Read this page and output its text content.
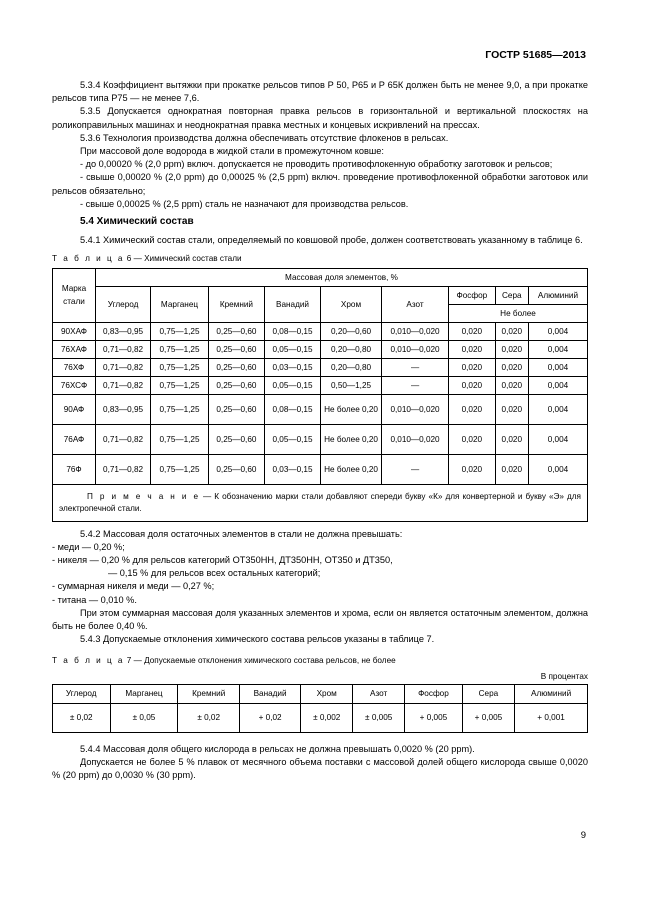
ГОСТР 51685—2013

5.3.4 Коэффициент вытяжки при прокатке рельсов типов Р 50, Р65 и Р 65К должен быть не менее 9,0, а при прокатке рельсов типа Р75 — не менее 7,6.

5.3.5 Допускается однократная повторная правка рельсов в горизонтальной и вертикальной плоскостях на роликоправильных машинах и неоднократная правка местных и концевых искривлений на прессах.

5.3.6 Технология производства должна обеспечивать отсутствие флокенов в рельсах.

При массовой доле водорода в жидкой стали в промежуточном ковше:

- до 0,00020 % (2,0 ppm) включ. допускается не проводить противофлокенную обработку заготовок и рельсов;

- свыше 0,00020 % (2,0 ppm) до 0,00025 % (2,5 ppm) включ. проведение противофлокенной обработки заготовок или рельсов обязательно;

- свыше 0,00025 % (2,5 ppm) сталь не назначают для производства рельсов.

5.4 Химический состав

5.4.1 Химический состав стали, определяемый по ковшовой пробе, должен соответствовать указанному в таблице 6.

Т а б л и ц а 6 — Химический состав стали
Марка стали	Массовая доля элементов, %								
	Углерод	Марганец	Кремний	Ванадий	Хром	Азот	Фосфор	Сера	Алюминий
							Не более		
90ХАФ	0,83—0,95	0,75—1,25	0,25—0,60	0,08—0,15	0,20—0,60	0,010—0,020	0,020	0,020	0,004
76ХАФ	0,71—0,82	0,75—1,25	0,25—0,60	0,05—0,15	0,20—0,80	0,010—0,020	0,020	0,020	0,004
76ХФ	0,71—0,82	0,75—1,25	0,25—0,60	0,03—0,15	0,20—0,80	—	0,020	0,020	0,004
76ХСФ	0,71—0,82	0,75—1,25	0,25—0,60	0,05—0,15	0,50—1,25	—	0,020	0,020	0,004
90АФ	0,83—0,95	0,75—1,25	0,25—0,60	0,08—0,15	Не более 0,20	0,010—0,020	0,020	0,020	0,004
76АФ	0,71—0,82	0,75—1,25	0,25—0,60	0,05—0,15	Не более 0,20	0,010—0,020	0,020	0,020	0,004
76Ф	0,71—0,82	0,75—1,25	0,25—0,60	0,03—0,15	Не более 0,20	—	0,020	0,020	0,004
П р и м е ч а н и е — К обозначению марки стали добавляют спереди букву «К» для конвертерной и букву «Э» для электропечной стали.									

5.4.2 Массовая доля остаточных элементов в стали не должна превышать:

- меди — 0,20 %;

- никеля — 0,20 % для рельсов категорий ОТ350НН, ДТ350НН, ОТ350 и ДТ350,

— 0,15 % для рельсов всех остальных категорий;

- суммарная никеля и меди — 0,27 %;

- титана — 0,010 %.

При этом суммарная массовая доля указанных элементов и хрома, если он является остаточным элементом, должна быть не более 0,40 %.

5.4.3 Допускаемые отклонения химического состава рельсов указаны в таблице 7.

Т а б л и ц а 7 — Допускаемые отклонения химического состава рельсов, не более
В процентах
Углерод	Марганец	Кремний	Ванадий	Хром	Азот	Фосфор	Сера	Алюминий
± 0,02	± 0,05	± 0,02	+ 0,02	± 0,002	± 0,005	+ 0,005	+ 0,005	+ 0,001

5.4.4 Массовая доля общего кислорода в рельсах не должна превышать 0,0020 % (20 ppm).

Допускается не более 5 % плавок от месячного объема поставки с массовой долей общего кислорода свыше 0,0020 % (20 ppm) до 0,0030 % (30 ppm).

9
